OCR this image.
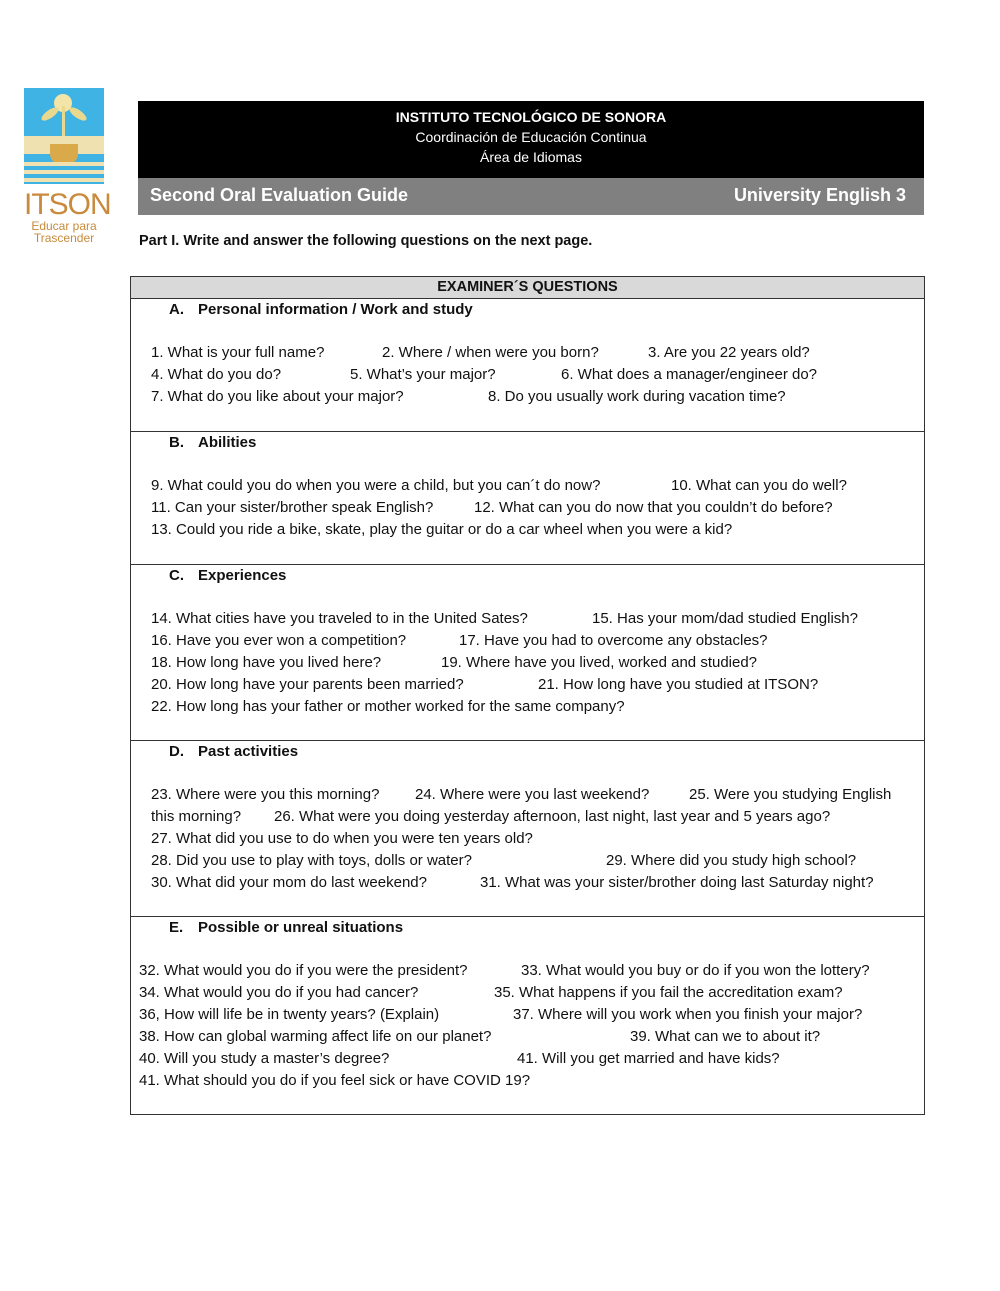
ITSON
Educar para
Trascender
INSTITUTO TECNOLÓGICO DE SONORA
Coordinación de Educación Continua
Área de Idiomas
Second Oral Evaluation Guide	University English 3
Part I. Write and answer the following questions on the next page.
EXAMINER´S QUESTIONS
A. Personal information / Work and study
1. What is your full name?	2. Where / when were you born?	3. Are you 22 years old?
4. What do you do?	5. What’s your major?	6. What does a manager/engineer do?
7. What do you like about your major?	8. Do you usually work during vacation time?
B. Abilities
9. What could you do when you were a child, but you can´t do now?	10. What can you do well?
11. Can your sister/brother speak English?	12. What can you do now that you couldn’t do before?
13. Could you ride a bike, skate, play the guitar or do a car wheel when you were a kid?
C. Experiences
14. What cities have you traveled to in the United Sates?	15. Has your mom/dad studied English?
16. Have you ever won a competition?	17. Have you had to overcome any obstacles?
18. How long have you lived here?	19. Where have you lived, worked and studied?
20. How long have your parents been married?	21. How long have you studied at ITSON?
22. How long has your father or mother worked for the same company?
D. Past activities
23. Where were you this morning? 24. Where were you last weekend?	25. Were you studying English
this morning? 26. What were you doing yesterday afternoon, last night, last year and 5 years ago?
27. What did you use to do when you were ten years old?
28. Did you use to play with toys, dolls or water?	29. Where did you study high school?
30. What did your mom do last weekend?	31. What was your sister/brother doing last Saturday night?
E. Possible or unreal situations
32. What would you do if you were the president?	33. What would you buy or do if you won the lottery?
34. What would you do if you had cancer?	35. What happens if you fail the accreditation exam?
36, How will life be in twenty years? (Explain)	37. Where will you work when you finish your major?
38. How can global warming affect life on our planet?	39. What can we to about it?
40. Will you study a master’s degree?	41. Will you get married and have kids?
41. What should you do if you feel sick or have COVID 19?
